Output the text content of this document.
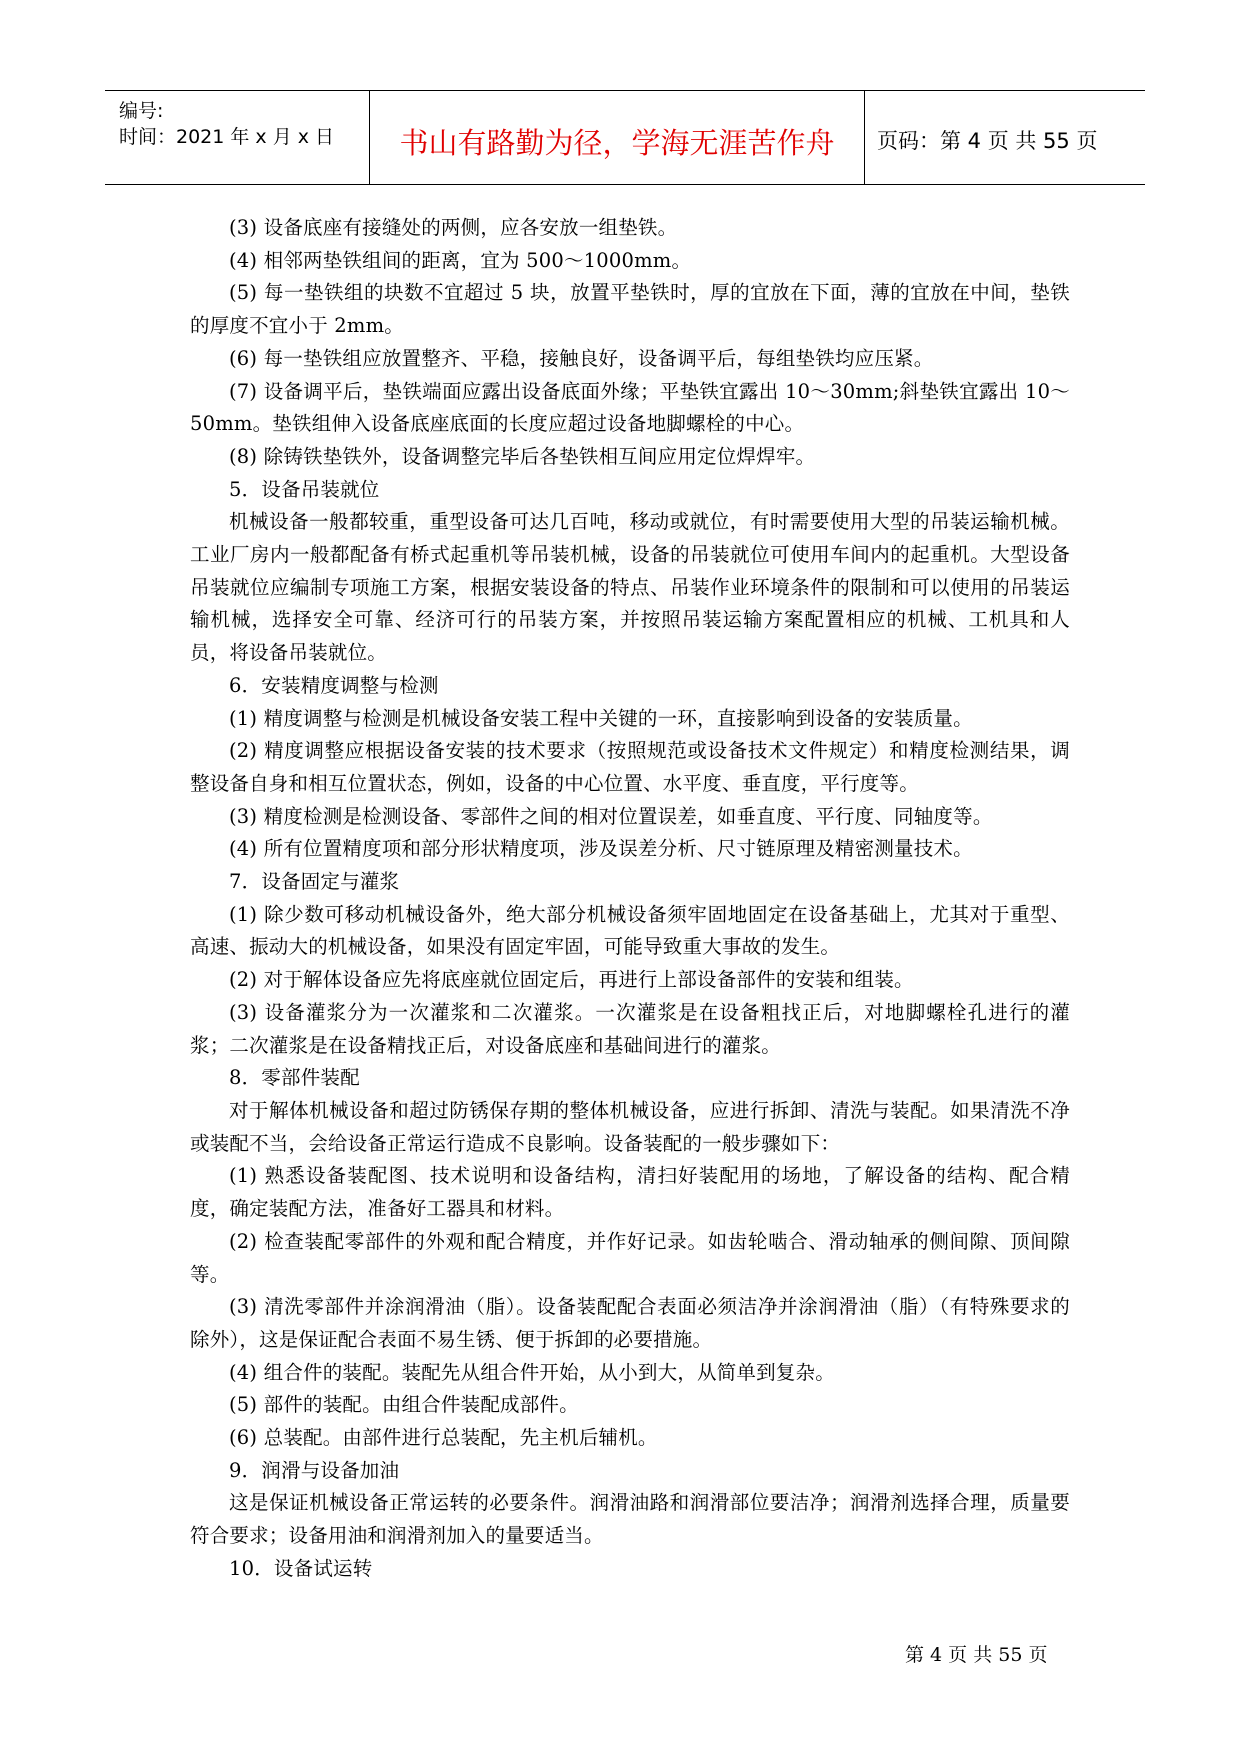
编号:
时间：2021 年 x 月 x 日	书山有路勤为径，学海无涯苦作舟	页码：第 4 页 共 55 页

(3) 设备底座有接缝处的两侧，应各安放一组垫铁。

(4) 相邻两垫铁组间的距离，宜为 500～1000mm。

(5) 每一垫铁组的块数不宜超过 5 块，放置平垫铁时，厚的宜放在下面，薄的宜放在中间，垫铁的厚度不宜小于 2mm。

(6) 每一垫铁组应放置整齐、平稳，接触良好，设备调平后，每组垫铁均应压紧。

(7) 设备调平后，垫铁端面应露出设备底面外缘；平垫铁宜露出 10～30mm;斜垫铁宜露出 10～50mm。垫铁组伸入设备底座底面的长度应超过设备地脚螺栓的中心。

(8) 除铸铁垫铁外，设备调整完毕后各垫铁相互间应用定位焊焊牢。

5．设备吊装就位

机械设备一般都较重，重型设备可达几百吨，移动或就位，有时需要使用大型的吊装运输机械。工业厂房内一般都配备有桥式起重机等吊装机械，设备的吊装就位可使用车间内的起重机。大型设备吊装就位应编制专项施工方案，根据安装设备的特点、吊装作业环境条件的限制和可以使用的吊装运输机械，选择安全可靠、经济可行的吊装方案，并按照吊装运输方案配置相应的机械、工机具和人员，将设备吊装就位。

6．安装精度调整与检测

(1) 精度调整与检测是机械设备安装工程中关键的一环，直接影响到设备的安装质量。

(2) 精度调整应根据设备安装的技术要求（按照规范或设备技术文件规定）和精度检测结果，调整设备自身和相互位置状态，例如，设备的中心位置、水平度、垂直度，平行度等。

(3) 精度检测是检测设备、零部件之间的相对位置误差，如垂直度、平行度、同轴度等。

(4) 所有位置精度项和部分形状精度项，涉及误差分析、尺寸链原理及精密测量技术。

7．设备固定与灌浆

(1) 除少数可移动机械设备外，绝大部分机械设备须牢固地固定在设备基础上，尤其对于重型、高速、振动大的机械设备，如果没有固定牢固，可能导致重大事故的发生。

(2) 对于解体设备应先将底座就位固定后，再进行上部设备部件的安装和组装。

(3) 设备灌浆分为一次灌浆和二次灌浆。一次灌浆是在设备粗找正后，对地脚螺栓孔进行的灌浆；二次灌浆是在设备精找正后，对设备底座和基础间进行的灌浆。

8．零部件装配

对于解体机械设备和超过防锈保存期的整体机械设备，应进行拆卸、清洗与装配。如果清洗不净或装配不当，会给设备正常运行造成不良影响。设备装配的一般步骤如下：

(1) 熟悉设备装配图、技术说明和设备结构，清扫好装配用的场地，了解设备的结构、配合精度，确定装配方法，准备好工器具和材料。

(2) 检查装配零部件的外观和配合精度，并作好记录。如齿轮啮合、滑动轴承的侧间隙、顶间隙等。

(3) 清洗零部件并涂润滑油（脂）。设备装配配合表面必须洁净并涂润滑油（脂）（有特殊要求的除外），这是保证配合表面不易生锈、便于拆卸的必要措施。

(4) 组合件的装配。装配先从组合件开始，从小到大，从简单到复杂。

(5) 部件的装配。由组合件装配成部件。

(6) 总装配。由部件进行总装配，先主机后辅机。

9．润滑与设备加油

这是保证机械设备正常运转的必要条件。润滑油路和润滑部位要洁净；润滑剂选择合理，质量要符合要求；设备用油和润滑剂加入的量要适当。

10．设备试运转

第 4 页 共 55 页
